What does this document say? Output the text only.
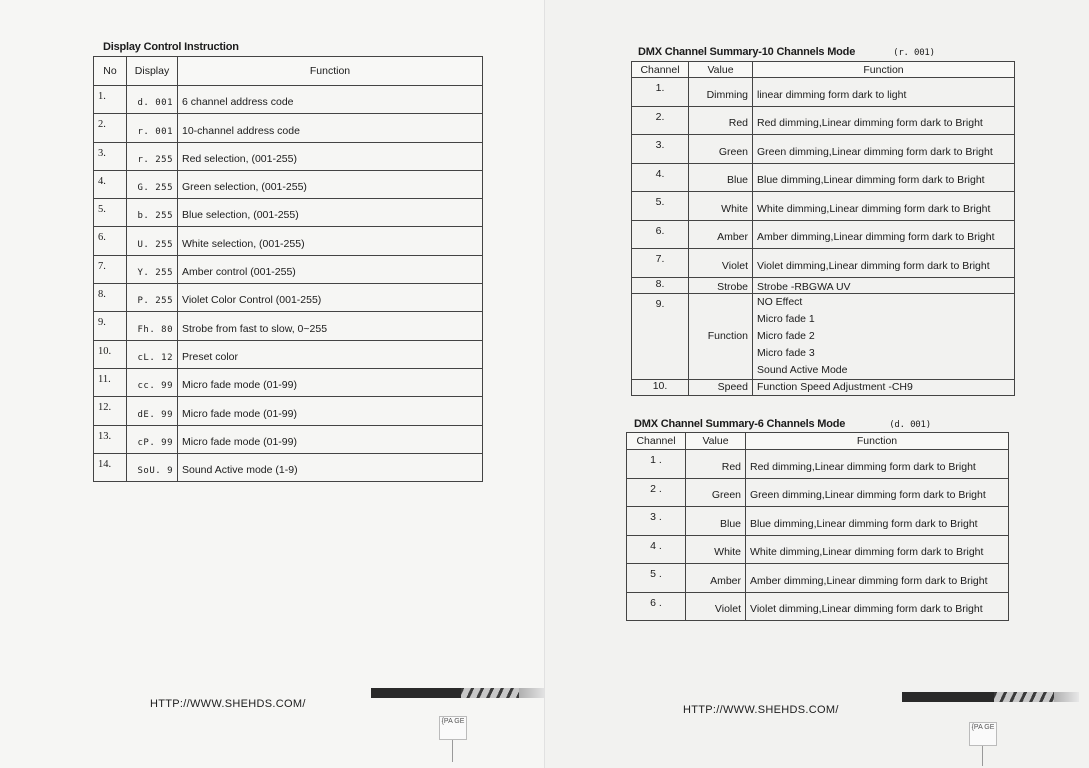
Display Control Instruction
No	Display	Function
1.	d. 001	6 channel address code
2.	r. 001	10-channel address code
3.	r. 255	Red selection, (001-255)
4.	G. 255	Green selection, (001-255)
5.	b. 255	Blue selection, (001-255)
6.	U. 255	White selection, (001-255)
7.	Y. 255	Amber control (001-255)
8.	P. 255	Violet Color Control (001-255)
9.	Fh. 80	Strobe from fast to slow, 0~255
10.	cL. 12	Preset color
11.	cc. 99	Micro fade mode (01-99)
12.	dE. 99	Micro fade mode (01-99)
13.	cP. 99	Micro fade mode (01-99)
14.	SoU. 9	Sound Active mode (1-9)
HTTP://WWW.SHEHDS.COM/
{PA GE
DMX Channel Summary-10 Channels Mode	(r. 001)
Channel	Value	Function
1.	Dimming	linear dimming form dark to light
2.	Red	Red dimming,Linear dimming form dark to Bright
3.	Green	Green dimming,Linear dimming form dark to Bright
4.	Blue	Blue dimming,Linear dimming form dark to Bright
5.	White	White dimming,Linear dimming form dark to Bright
6.	Amber	Amber dimming,Linear dimming form dark to Bright
7.	Violet	Violet dimming,Linear dimming form dark to Bright
8.	Strobe	Strobe -RBGWA UV
9.	Function	NO Effect
Micro fade 1
Micro fade 2
Micro fade 3
Sound Active Mode

10.	Speed	Function Speed Adjustment -CH9
DMX Channel Summary-6 Channels Mode	(d. 001)
Channel	Value	Function
1 .	Red	Red dimming,Linear dimming form dark to Bright
2 .	Green	Green dimming,Linear dimming form dark to Bright
3 .	Blue	Blue dimming,Linear dimming form dark to Bright
4 .	White	White dimming,Linear dimming form dark to Bright
5 .	Amber	Amber dimming,Linear dimming form dark to Bright
6 .	Violet	Violet dimming,Linear dimming form dark to Bright
HTTP://WWW.SHEHDS.COM/
{PA GE
